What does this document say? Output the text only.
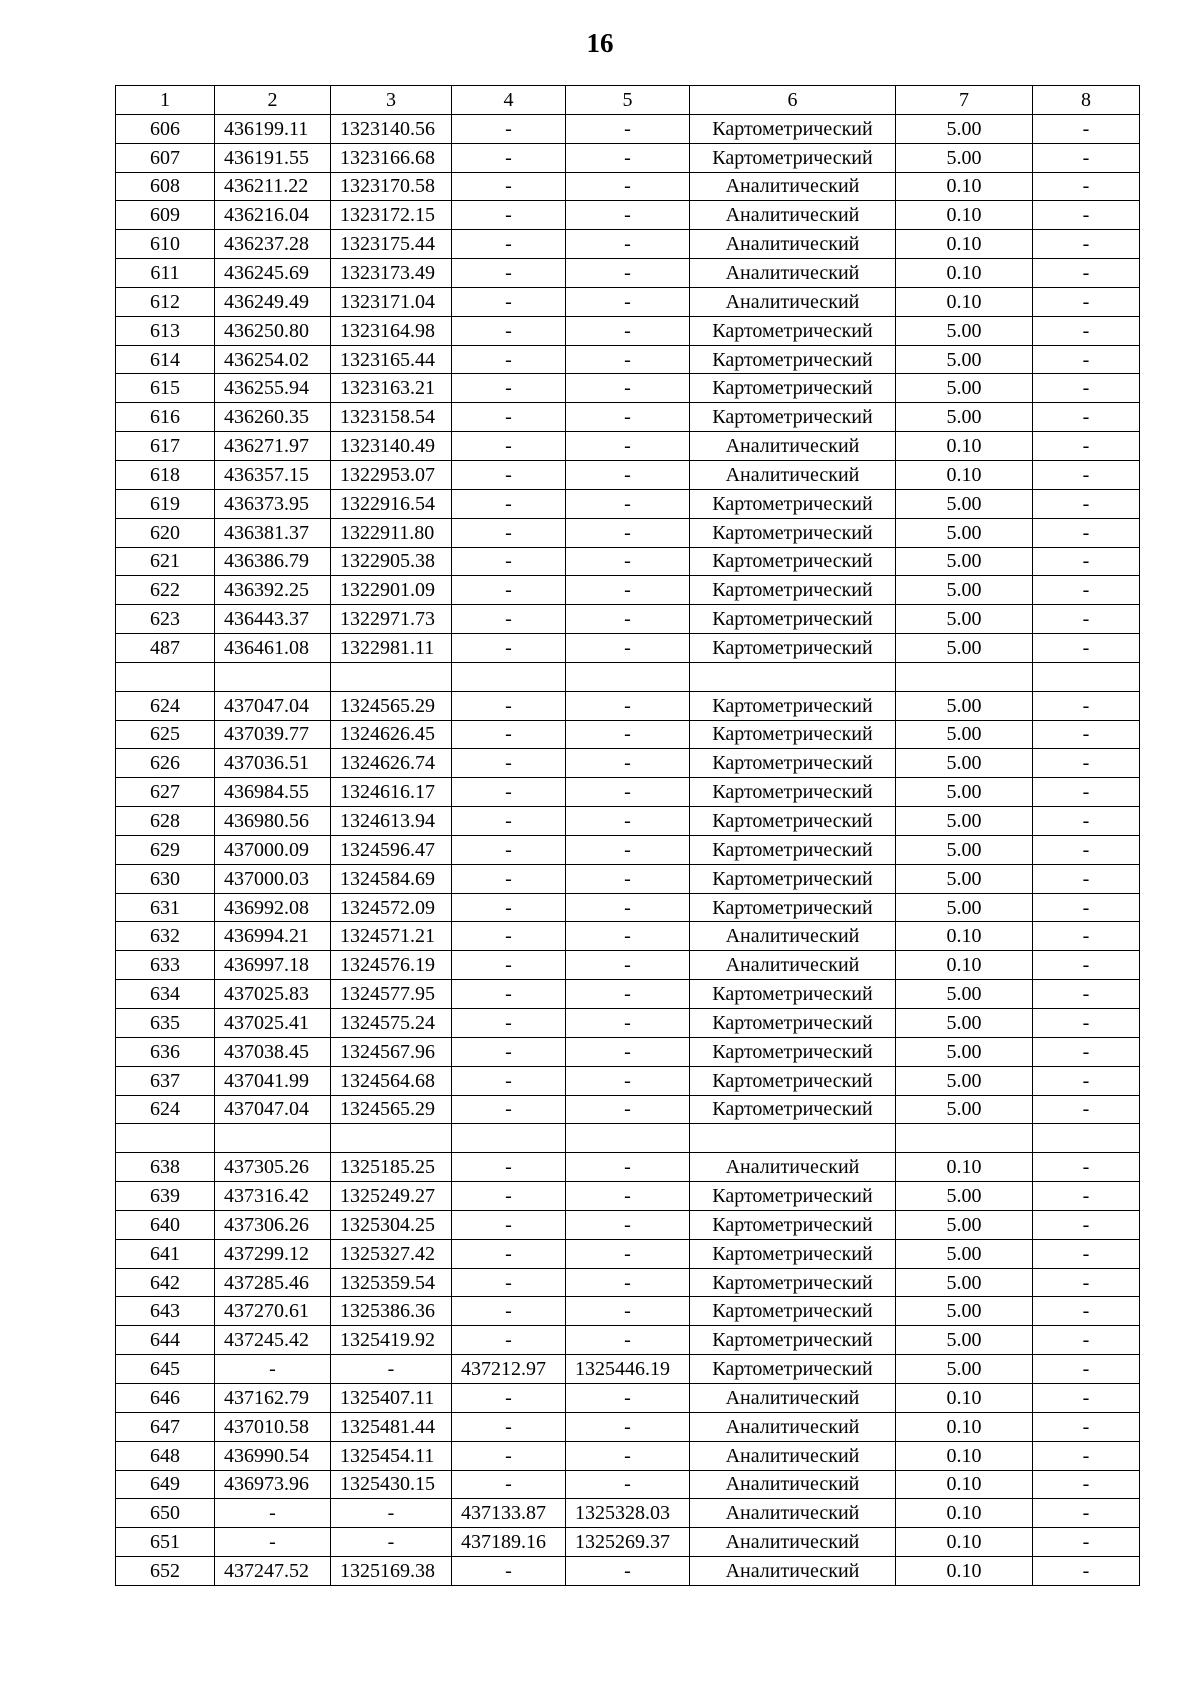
16
1	2	3	4	5	6	7	8
606	436199.11	1323140.56	-	-	Картометрический	5.00	-
607	436191.55	1323166.68	-	-	Картометрический	5.00	-
608	436211.22	1323170.58	-	-	Аналитический	0.10	-
609	436216.04	1323172.15	-	-	Аналитический	0.10	-
610	436237.28	1323175.44	-	-	Аналитический	0.10	-
611	436245.69	1323173.49	-	-	Аналитический	0.10	-
612	436249.49	1323171.04	-	-	Аналитический	0.10	-
613	436250.80	1323164.98	-	-	Картометрический	5.00	-
614	436254.02	1323165.44	-	-	Картометрический	5.00	-
615	436255.94	1323163.21	-	-	Картометрический	5.00	-
616	436260.35	1323158.54	-	-	Картометрический	5.00	-
617	436271.97	1323140.49	-	-	Аналитический	0.10	-
618	436357.15	1322953.07	-	-	Аналитический	0.10	-
619	436373.95	1322916.54	-	-	Картометрический	5.00	-
620	436381.37	1322911.80	-	-	Картометрический	5.00	-
621	436386.79	1322905.38	-	-	Картометрический	5.00	-
622	436392.25	1322901.09	-	-	Картометрический	5.00	-
623	436443.37	1322971.73	-	-	Картометрический	5.00	-
487	436461.08	1322981.11	-	-	Картометрический	5.00	-

624	437047.04	1324565.29	-	-	Картометрический	5.00	-
625	437039.77	1324626.45	-	-	Картометрический	5.00	-
626	437036.51	1324626.74	-	-	Картометрический	5.00	-
627	436984.55	1324616.17	-	-	Картометрический	5.00	-
628	436980.56	1324613.94	-	-	Картометрический	5.00	-
629	437000.09	1324596.47	-	-	Картометрический	5.00	-
630	437000.03	1324584.69	-	-	Картометрический	5.00	-
631	436992.08	1324572.09	-	-	Картометрический	5.00	-
632	436994.21	1324571.21	-	-	Аналитический	0.10	-
633	436997.18	1324576.19	-	-	Аналитический	0.10	-
634	437025.83	1324577.95	-	-	Картометрический	5.00	-
635	437025.41	1324575.24	-	-	Картометрический	5.00	-
636	437038.45	1324567.96	-	-	Картометрический	5.00	-
637	437041.99	1324564.68	-	-	Картометрический	5.00	-
624	437047.04	1324565.29	-	-	Картометрический	5.00	-

638	437305.26	1325185.25	-	-	Аналитический	0.10	-
639	437316.42	1325249.27	-	-	Картометрический	5.00	-
640	437306.26	1325304.25	-	-	Картометрический	5.00	-
641	437299.12	1325327.42	-	-	Картометрический	5.00	-
642	437285.46	1325359.54	-	-	Картометрический	5.00	-
643	437270.61	1325386.36	-	-	Картометрический	5.00	-
644	437245.42	1325419.92	-	-	Картометрический	5.00	-
645	-	-	437212.97	1325446.19	Картометрический	5.00	-
646	437162.79	1325407.11	-	-	Аналитический	0.10	-
647	437010.58	1325481.44	-	-	Аналитический	0.10	-
648	436990.54	1325454.11	-	-	Аналитический	0.10	-
649	436973.96	1325430.15	-	-	Аналитический	0.10	-
650	-	-	437133.87	1325328.03	Аналитический	0.10	-
651	-	-	437189.16	1325269.37	Аналитический	0.10	-
652	437247.52	1325169.38	-	-	Аналитический	0.10	-
